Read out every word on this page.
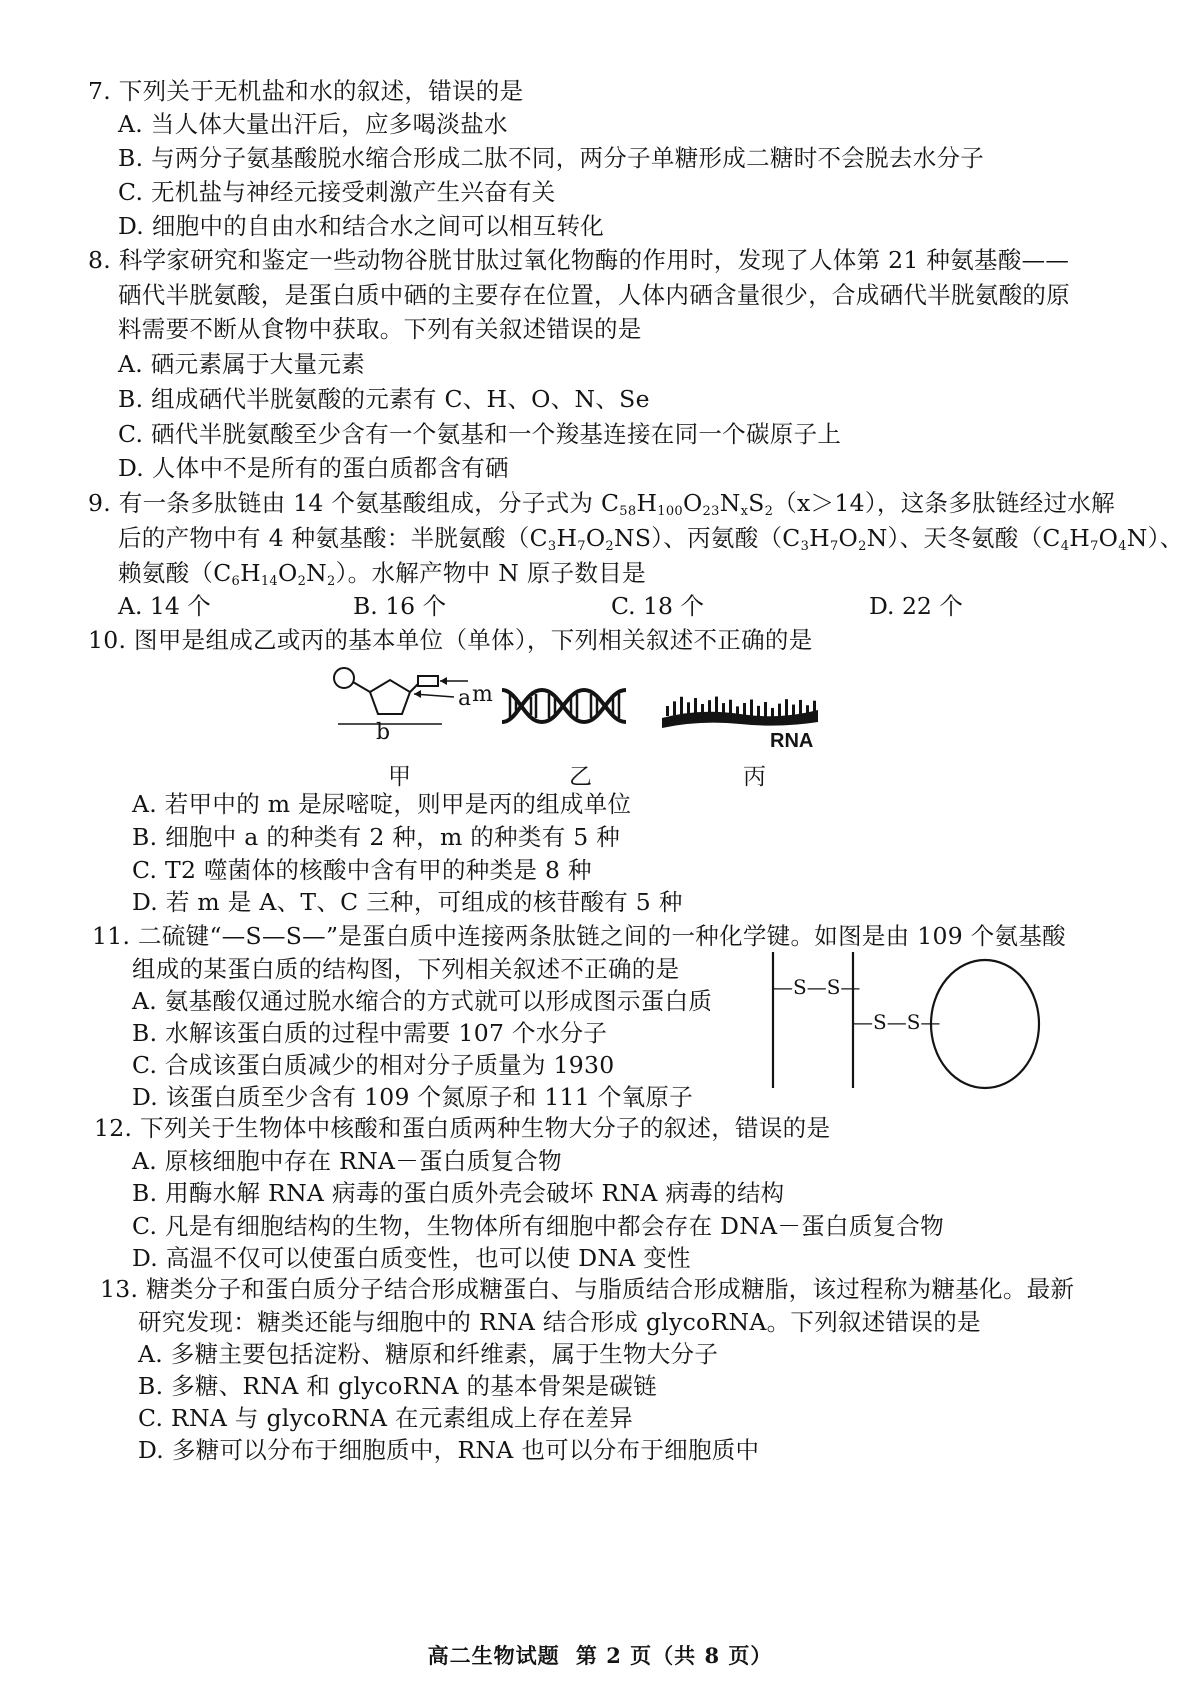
7. 下列关于无机盐和水的叙述，错误的是
A. 当人体大量出汗后，应多喝淡盐水
B. 与两分子氨基酸脱水缩合形成二肽不同，两分子单糖形成二糖时不会脱去水分子
C. 无机盐与神经元接受刺激产生兴奋有关
D. 细胞中的自由水和结合水之间可以相互转化
8. 科学家研究和鉴定一些动物谷胱甘肽过氧化物酶的作用时，发现了人体第 21 种氨基酸——
硒代半胱氨酸，是蛋白质中硒的主要存在位置，人体内硒含量很少，合成硒代半胱氨酸的原
料需要不断从食物中获取。下列有关叙述错误的是
A. 硒元素属于大量元素
B. 组成硒代半胱氨酸的元素有 C、H、O、N、Se
C. 硒代半胱氨酸至少含有一个氨基和一个羧基连接在同一个碳原子上
D. 人体中不是所有的蛋白质都含有硒
9. 有一条多肽链由 14 个氨基酸组成，分子式为 $C_{58}H_{100}O_{23}N_xS_2(x>14)$，这条多肽链经过水解
后的产物中有 4 种氨基酸：半胱氨酸$(C_3H_7O_2NS)$、丙氨酸$(C_3H_7O_2N)$、天冬氨酸$(C_4H_7O_4N)$、
赖氨酸$(C_6H_{14}O_2N_2)$。水解产物中 N 原子数目是
A. 14 个	B. 16 个	C. 18 个	D. 22 个
10. 图甲是组成乙或丙的基本单位（单体），下列相关叙述不正确的是
m
a
b	RNA
甲	乙	丙
A. 若甲中的 m 是尿嘧啶，则甲是丙的组成单位
B. 细胞中 a 的种类有 2 种，m 的种类有 5 种
C. T2 噬菌体的核酸中含有甲的种类是 8 种
D. 若 m 是 A、T、C 三种，可组成的核苷酸有 5 种
11. 二硫键“—S—S—”是蛋白质中连接两条肽链之间的一种化学键。如图是由 109 个氨基酸
组成的某蛋白质的结构图，下列相关叙述不正确的是
A. 氨基酸仅通过脱水缩合的方式就可以形成图示蛋白质
B. 水解该蛋白质的过程中需要 107 个水分子
C. 合成该蛋白质减少的相对分子质量为 1930
D. 该蛋白质至少含有 109 个氮原子和 111 个氧原子
—S—S—
—S—S—
12. 下列关于生物体中核酸和蛋白质两种生物大分子的叙述，错误的是
A. 原核细胞中存在 RNA－蛋白质复合物
B. 用酶水解 RNA 病毒的蛋白质外壳会破坏 RNA 病毒的结构
C. 凡是有细胞结构的生物，生物体所有细胞中都会存在 DNA－蛋白质复合物
D. 高温不仅可以使蛋白质变性，也可以使 DNA 变性
13. 糖类分子和蛋白质分子结合形成糖蛋白、与脂质结合形成糖脂，该过程称为糖基化。最新
研究发现：糖类还能与细胞中的 RNA 结合形成 glycoRNA。下列叙述错误的是
A. 多糖主要包括淀粉、糖原和纤维素，属于生物大分子
B. 多糖、RNA 和 glycoRNA 的基本骨架是碳链
C. RNA 与 glycoRNA 在元素组成上存在差异
D. 多糖可以分布于细胞质中，RNA 也可以分布于细胞质中
高二生物试题 第 2 页（共 8 页）
